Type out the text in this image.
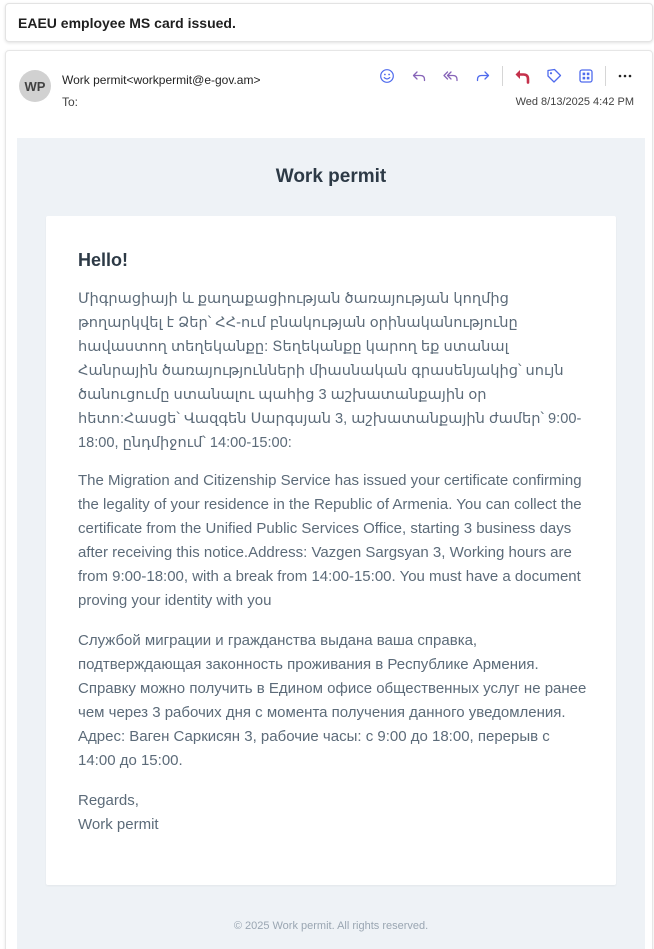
EAEU employee MS card issued.
WP Work permit<workpermit@e-gov.am>
To:	Wed 8/13/2025 4:42 PM
Work permit
Hello!

Միգրացիայի և քաղաքացիության ծառայության կողմից թողարկվել է Ձեր՝ ՀՀ-ում բնակության օրինականությունը հավաստող տեղեկանքը: Տեղեկանքը կարող եք ստանալ Հանրային ծառայությունների միասնական գրասենյակից՝ սույն ծանուցումը ստանալու պահից 3 աշխատանքային օր հետո:Հասցե՝ Վազգեն Սարգսյան 3, աշխատանքային ժամեր՝ 9:00-18:00, ընդմիջում՝ 14:00-15:00:

The Migration and Citizenship Service has issued your certificate confirming the legality of your residence in the Republic of Armenia. You can collect the certificate from the Unified Public Services Office, starting 3 business days after receiving this notice.Address: Vazgen Sargsyan 3, Working hours are from 9:00-18:00, with a break from 14:00-15:00. You must have a document proving your identity with you

Службой миграции и гражданства выдана ваша справка, подтверждающая законность проживания в Республике Армения. Справку можно получить в Едином офисе общественных услуг не ранее чем через 3 рабочих дня с момента получения данного уведомления. Адрес: Ваген Саркисян 3, рабочие часы: с 9:00 до 18:00, перерыв с 14:00 до 15:00.

Regards,
Work permit
© 2025 Work permit. All rights reserved.
